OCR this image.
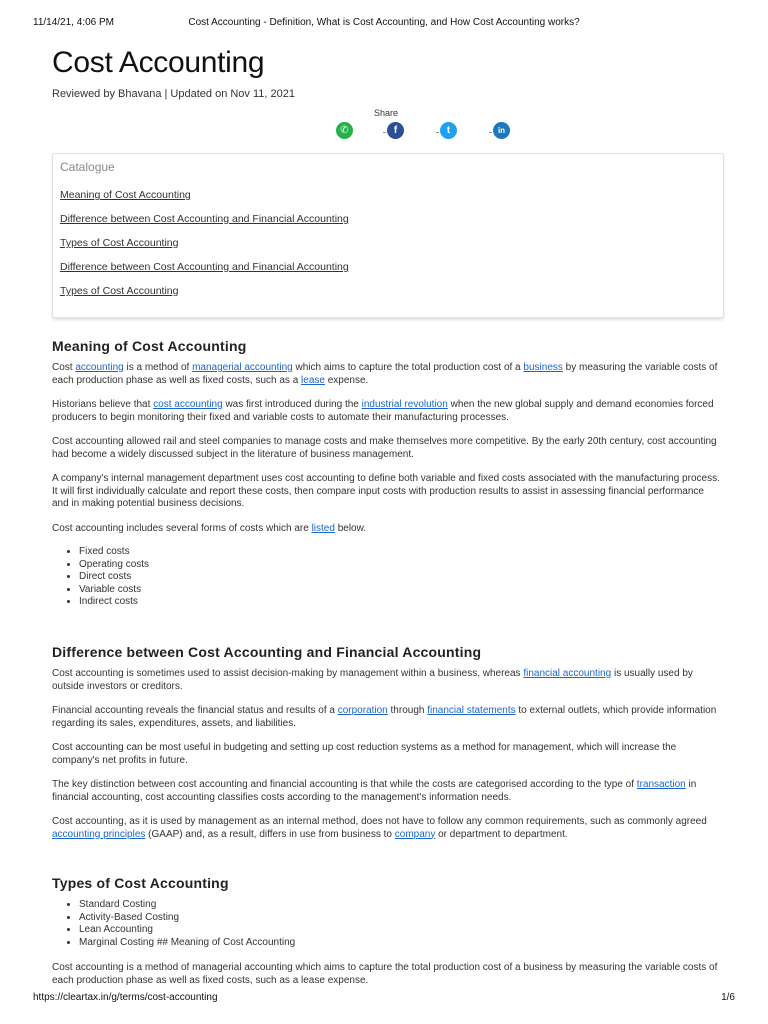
11/14/21, 4:06 PM	Cost Accounting - Definition, What is Cost Accounting, and How Cost Accounting works?
Cost Accounting
Reviewed by Bhavana | Updated on Nov 11, 2021
Share
✆	f	t	in
Catalogue
Meaning of Cost Accounting
Difference between Cost Accounting and Financial Accounting
Types of Cost Accounting
Difference between Cost Accounting and Financial Accounting
Types of Cost Accounting
Meaning of Cost Accounting

Cost accounting is a method of managerial accounting which aims to capture the total production cost of a business by measuring the variable costs of each production phase as well as fixed costs, such as a lease expense.

Historians believe that cost accounting was first introduced during the industrial revolution when the new global supply and demand economies forced producers to begin monitoring their fixed and variable costs to automate their manufacturing processes.

Cost accounting allowed rail and steel companies to manage costs and make themselves more competitive. By the early 20th century, cost accounting had become a widely discussed subject in the literature of business management.

A company's internal management department uses cost accounting to define both variable and fixed costs associated with the manufacturing process. It will first individually calculate and report these costs, then compare input costs with production results to assist in assessing financial performance and in making potential business decisions.

Cost accounting includes several forms of costs which are listed below.

• Fixed costs
• Operating costs
• Direct costs
• Variable costs
• Indirect costs
Difference between Cost Accounting and Financial Accounting

Cost accounting is sometimes used to assist decision-making by management within a business, whereas financial accounting is usually used by outside investors or creditors.

Financial accounting reveals the financial status and results of a corporation through financial statements to external outlets, which provide information regarding its sales, expenditures, assets, and liabilities.

Cost accounting can be most useful in budgeting and setting up cost reduction systems as a method for management, which will increase the company's net profits in future.

The key distinction between cost accounting and financial accounting is that while the costs are categorised according to the type of transaction in financial accounting, cost accounting classifies costs according to the management's information needs.

Cost accounting, as it is used by management as an internal method, does not have to follow any common requirements, such as commonly agreed accounting principles (GAAP) and, as a result, differs in use from business to company or department to department.

Types of Cost Accounting
• Standard Costing
• Activity-Based Costing
• Lean Accounting
• Marginal Costing ## Meaning of Cost Accounting

Cost accounting is a method of managerial accounting which aims to capture the total production cost of a business by measuring the variable costs of each production phase as well as fixed costs, such as a lease expense.

https://cleartax.in/g/terms/cost-accounting	1/6
